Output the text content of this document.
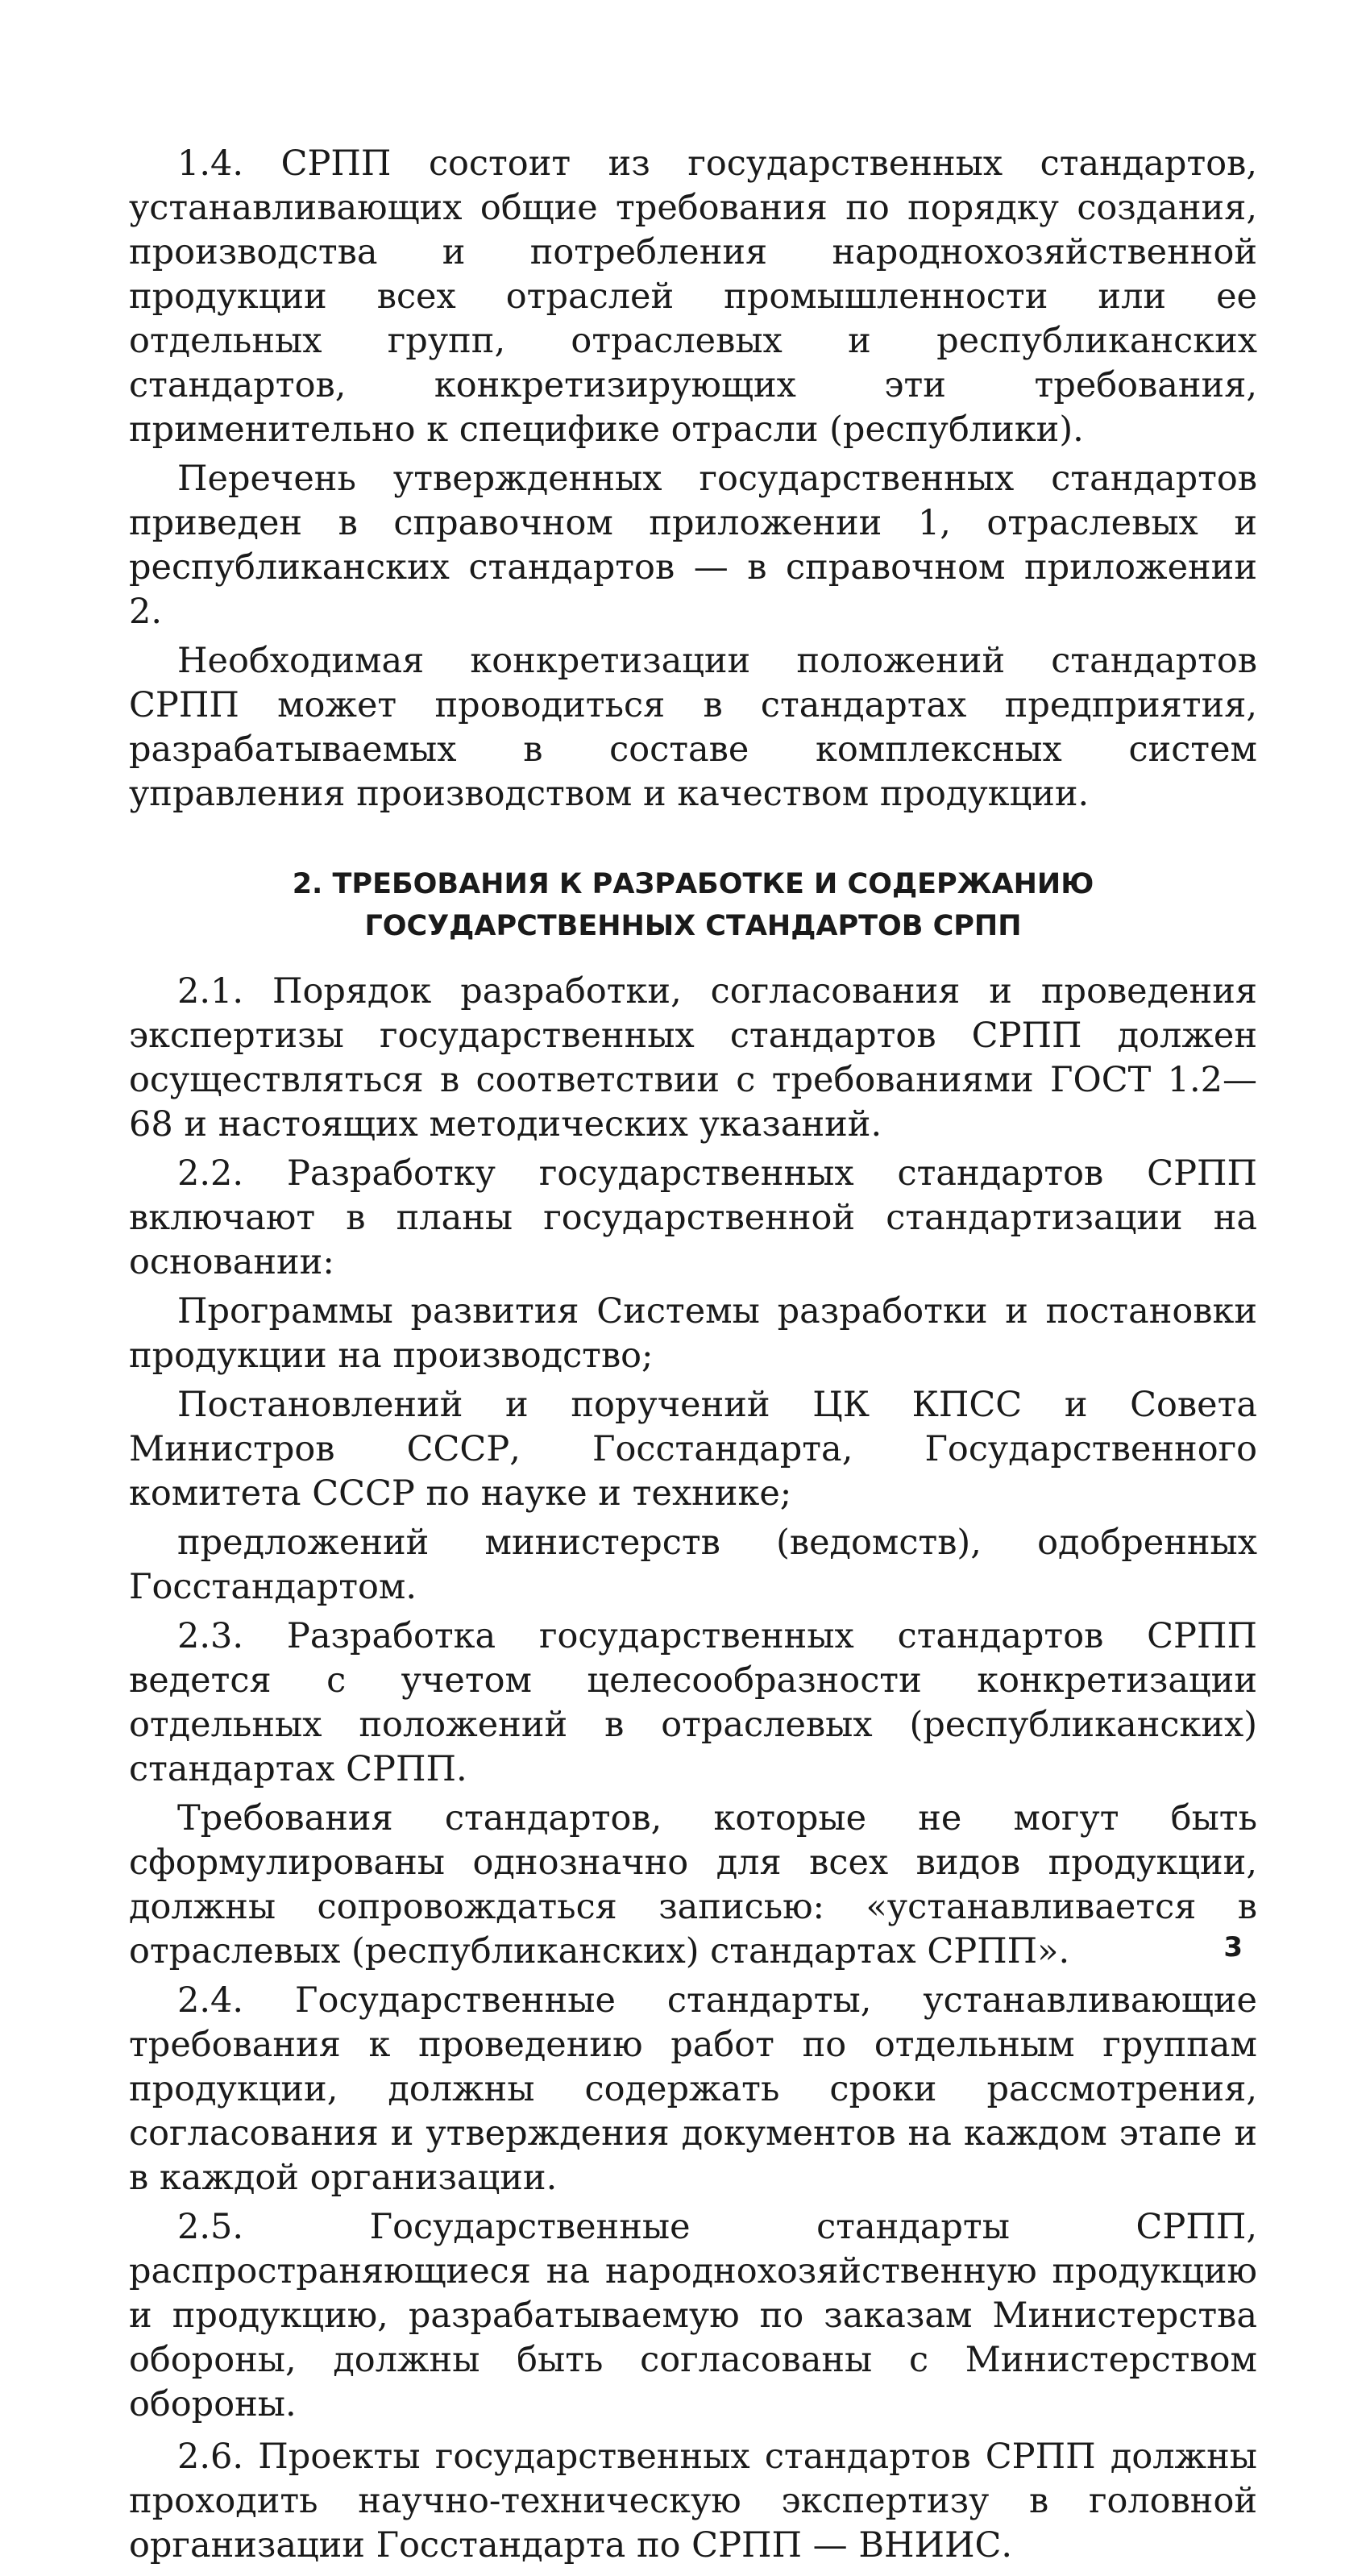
1.4. СРПП состоит из государственных стандартов, устанавливающих общие требования по порядку создания, производства и потребления народнохозяйственной продукции всех отраслей промышленности или ее отдельных групп, отраслевых и республиканских стандартов, конкретизирующих эти требования, применительно к специфике отрасли (республики).

Перечень утвержденных государственных стандартов приведен в справочном приложении 1, отраслевых и республиканских стандартов — в справочном приложении 2.

Необходимая конкретизации положений стандартов СРПП может проводиться в стандартах предприятия, разрабатываемых в составе комплексных систем управления производством и качеством продукции.

2. ТРЕБОВАНИЯ К РАЗРАБОТКЕ И СОДЕРЖАНИЮ
ГОСУДАРСТВЕННЫХ СТАНДАРТОВ СРПП

2.1. Порядок разработки, согласования и проведения экспертизы государственных стандартов СРПП должен осуществляться в соответствии с требованиями ГОСТ 1.2—68 и настоящих методических указаний.

2.2. Разработку государственных стандартов СРПП включают в планы государственной стандартизации на основании:

Программы развития Системы разработки и постановки продукции на производство;

Постановлений и поручений ЦК КПСС и Совета Министров СССР, Госстандарта, Государственного комитета СССР по науке и технике;

предложений министерств (ведомств), одобренных Госстандартом.

2.3. Разработка государственных стандартов СРПП ведется с учетом целесообразности конкретизации отдельных положений в отраслевых (республиканских) стандартах СРПП.

Требования стандартов, которые не могут быть сформулированы однозначно для всех видов продукции, должны сопровождаться записью: «устанавливается в отраслевых (республиканских) стандартах СРПП».

2.4. Государственные стандарты, устанавливающие требования к проведению работ по отдельным группам продукции, должны содержать сроки рассмотрения, согласования и утверждения документов на каждом этапе и в каждой организации.

2.5. Государственные стандарты СРПП, распространяющиеся на народнохозяйственную продукцию и продукцию, разрабатываемую по заказам Министерства обороны, должны быть согласованы с Министерством обороны.

2.6. Проекты государственных стандартов СРПП должны проходить научно-техническую экспертизу в головной организации Госстандарта по СРПП — ВНИИС.

3
